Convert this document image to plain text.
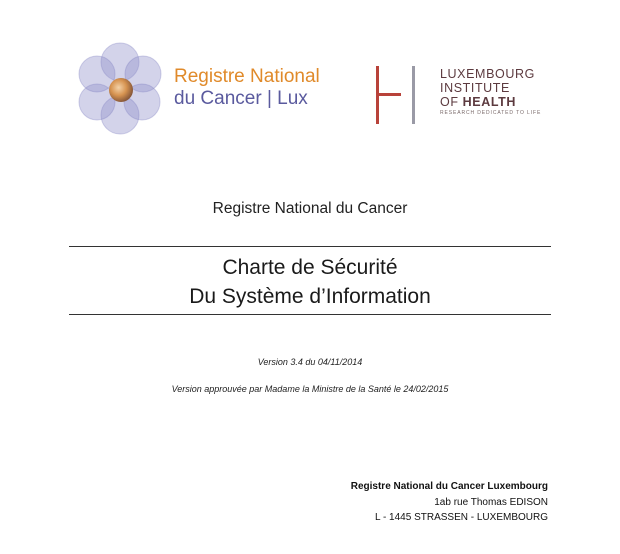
Registre National
du Cancer | Lux
LUXEMBOURG
INSTITUTE
OF HEALTH
RESEARCH DEDICATED TO LIFE
Registre National du Cancer
Charte de Sécurité
Du Système d’Information
Version 3.4 du 04/11/2014
Version approuvée par Madame la Ministre de la Santé le 24/02/2015
Registre National du Cancer Luxembourg
1ab rue Thomas EDISON
L - 1445 STRASSEN - LUXEMBOURG
